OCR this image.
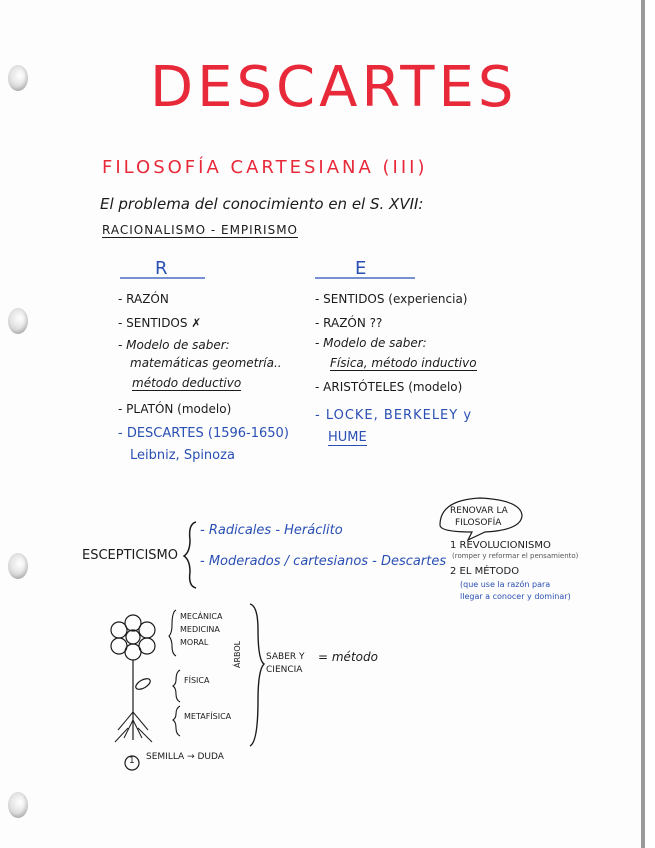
DESCARTES
FILOSOFÍA CARTESIANA (III)
El problema del conocimiento en el S. XVII:
RACIONALISMO - EMPIRISMO
R	E
- RAZÓN
- SENTIDOS ✗
- Modelo de saber:
matemáticas geometría..
método deductivo
- PLATÓN (modelo)
- DESCARTES (1596-1650)
Leibniz, Spinoza
- SENTIDOS (experiencia)
- RAZÓN ??
- Modelo de saber:
Física, método inductivo
- ARISTÓTELES (modelo)
- LOCKE, BERKELEY y
HUME
ESCEPTICISMO
- Radicales - Heráclito
- Moderados / cartesianos - Descartes
RENOVAR LA
FILOSOFÍA
1 REVOLUCIONISMO
(romper y reformar el pensamiento)
2 EL MÉTODO
(que use la razón para
llegar a conocer y dominar)
MECÁNICA
MEDICINA
MORAL
FÍSICA
METAFÍSICA
ÁRBOL	SABER Y
CIENCIA
= método
1 SEMILLA → DUDA
